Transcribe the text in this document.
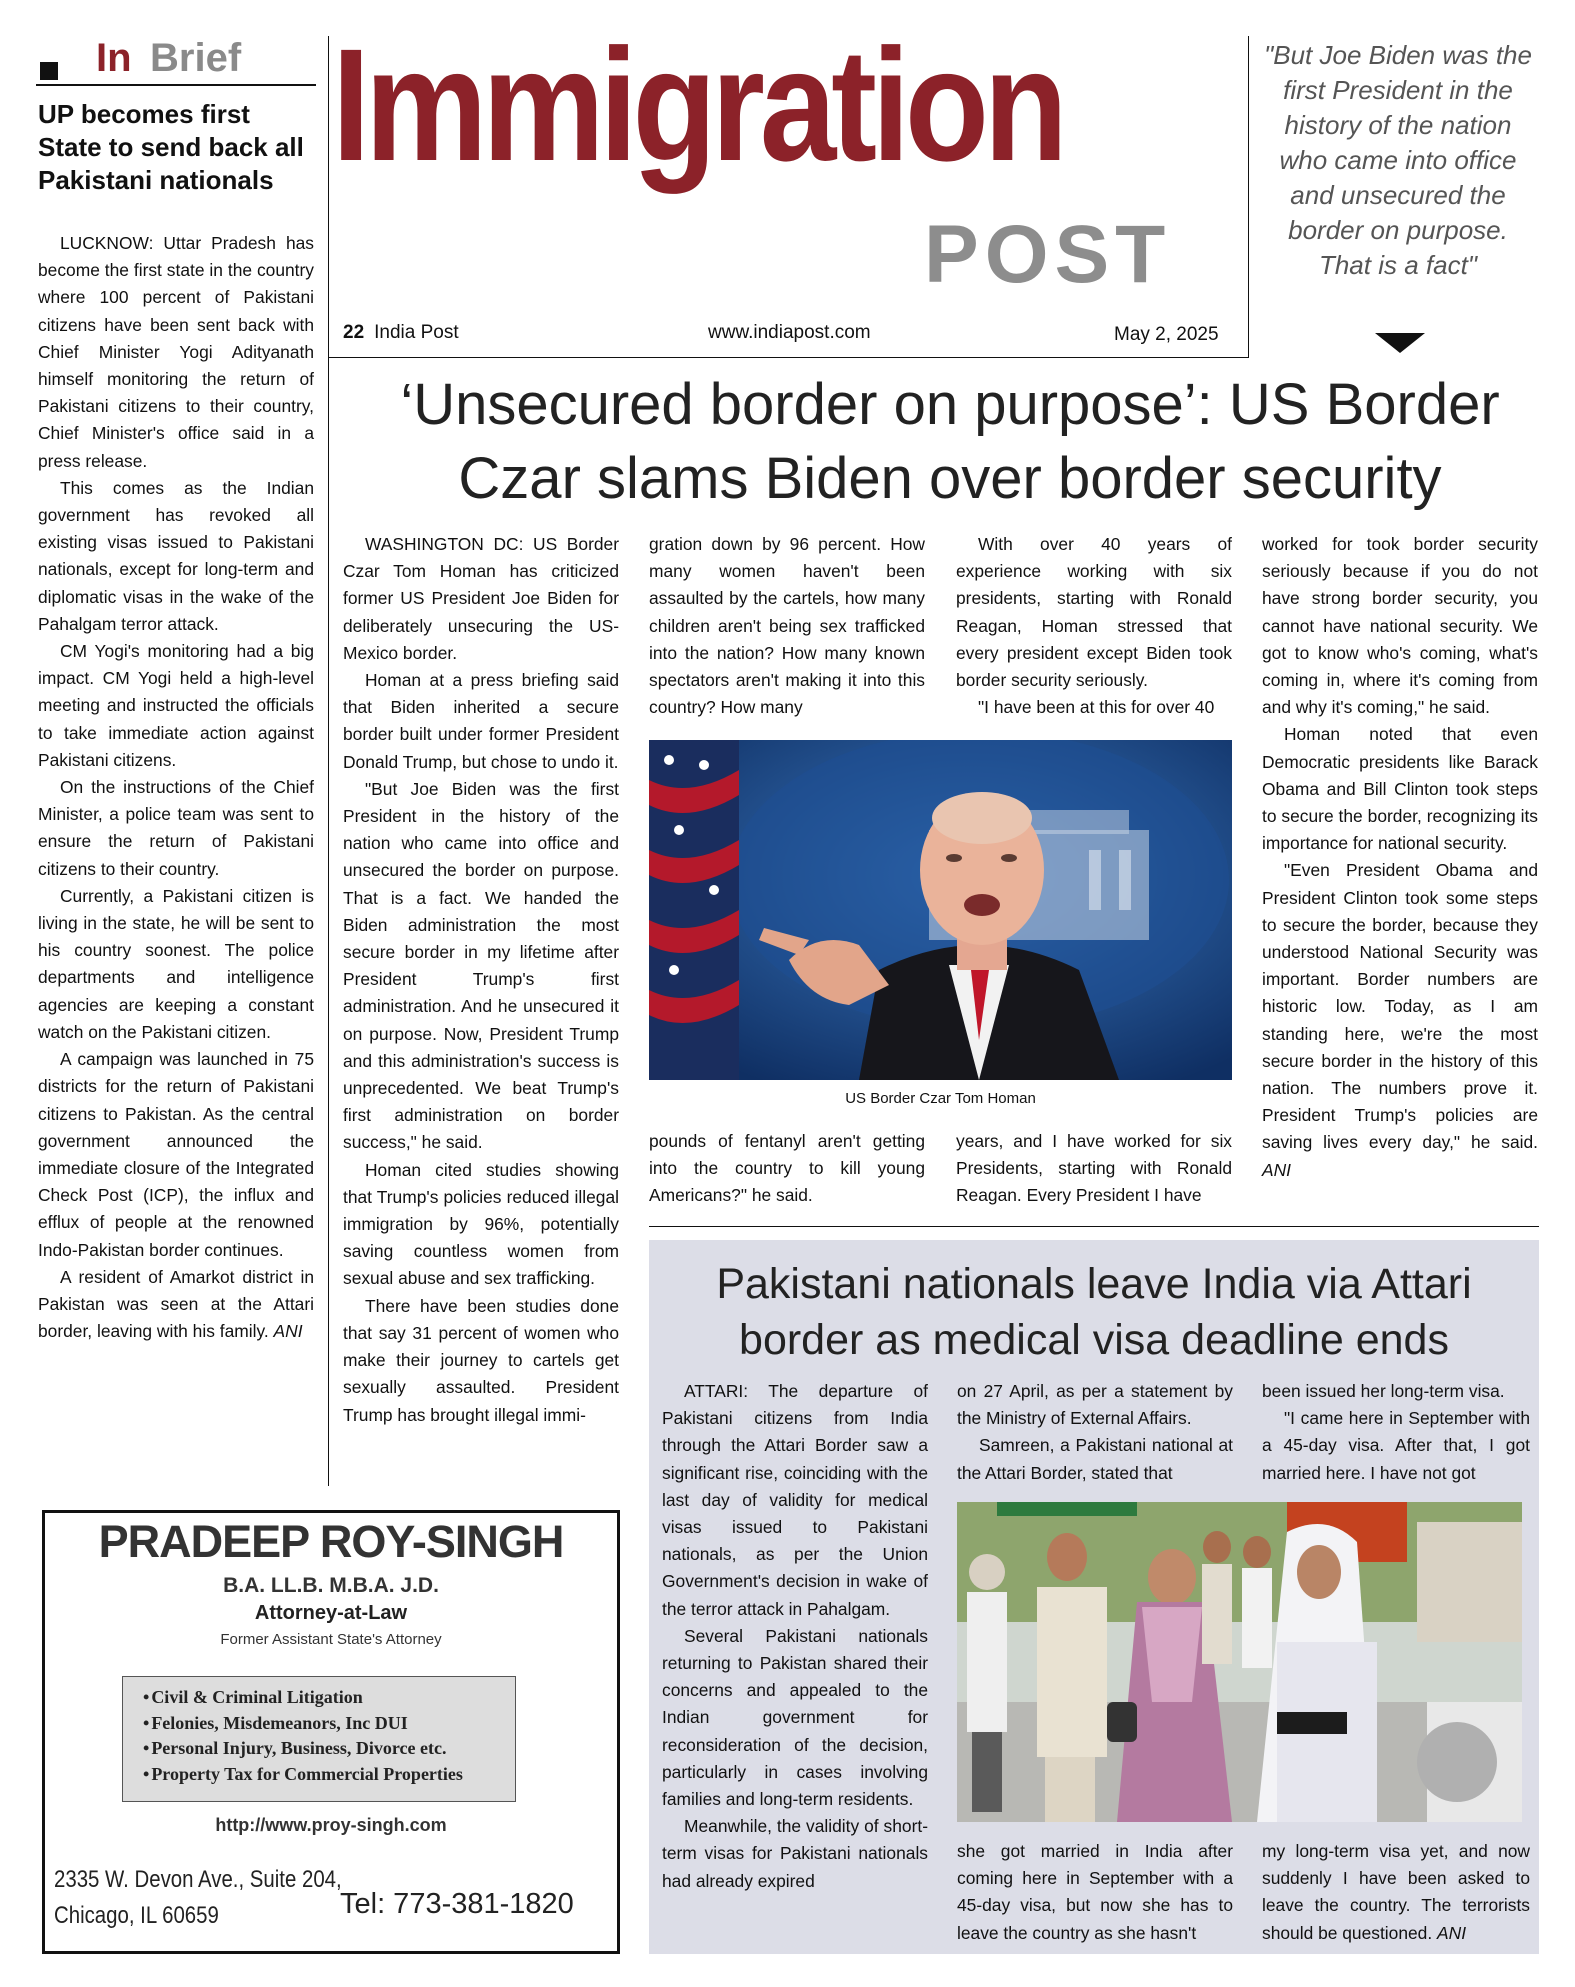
In Brief
UP becomes first State to send back all Pakistani nationals

LUCKNOW: Uttar Pradesh has become the first state in the country where 100 percent of Pakistani citizens have been sent back with Chief Minister Yogi Adityanath himself monitoring the return of Pakistani citizens to their country, Chief Minister's office said in a press release.

This comes as the Indian government has revoked all existing visas issued to Pakistani nationals, except for long-term and diplomatic visas in the wake of the Pahalgam terror attack.

CM Yogi's monitoring had a big impact. CM Yogi held a high-level meeting and instructed the officials to take immediate action against Pakistani citizens.

On the instructions of the Chief Minister, a police team was sent to ensure the return of Pakistani citizens to their country.

Currently, a Pakistani citizen is living in the state, he will be sent to his country soonest. The police departments and intelligence agencies are keeping a constant watch on the Pakistani citizen.

A campaign was launched in 75 districts for the return of Pakistani citizens to Pakistan. As the central government announced the immediate closure of the Integrated Check Post (ICP), the influx and efflux of people at the renowned Indo-Pakistan border continues.

A resident of Amarkot district in Pakistan was seen at the Attari border, leaving with his family. ANI

Immigration
POST
22 India Post	www.indiapost.com	May 2, 2025
"But Joe Biden was the first President in the history of the nation who came into office and unsecured the border on purpose. That is a fact"
‘Unsecured border on purpose’: US Border Czar slams Biden over border security

WASHINGTON DC: US Border Czar Tom Homan has criticized former US President Joe Biden for deliberately unsecuring the US-Mexico border.

Homan at a press briefing said that Biden inherited a secure border built under former President Donald Trump, but chose to undo it.

"But Joe Biden was the first President in the history of the nation who came into office and unsecured the border on purpose. That is a fact. We handed the Biden administration the most secure border in my lifetime after President Trump's first administration. And he unsecured it on purpose. Now, President Trump and this administration's success is unprecedented. We beat Trump's first administration on border success," he said.

Homan cited studies showing that Trump's policies reduced illegal immigration by 96%, potentially saving countless women from sexual abuse and sex trafficking.

There have been studies done that say 31 percent of women who make their journey to cartels get sexually assaulted. President Trump has brought illegal immi-

gration down by 96 percent. How many women haven't been assaulted by the cartels, how many children aren't being sex trafficked into the nation? How many known spectators aren't making it into this country? How many

With over 40 years of experience working with six presidents, starting with Ronald Reagan, Homan stressed that every president except Biden took border security seriously.

"I have been at this for over 40

worked for took border security seriously because if you do not have strong border security, you cannot have national security. We got to know who's coming, what's coming in, where it's coming from and why it's coming," he said.

Homan noted that even Democratic presidents like Barack Obama and Bill Clinton took steps to secure the border, recognizing its importance for national security.

"Even President Obama and President Clinton took some steps to secure the border, because they understood National Security was important. Border numbers are historic low. Today, as I am standing here, we're the most secure border in the history of this nation. The numbers prove it. President Trump's policies are saving lives every day," he said. ANI

US Border Czar Tom Homan

pounds of fentanyl aren't getting into the country to kill young Americans?" he said.

years, and I have worked for six Presidents, starting with Ronald Reagan. Every President I have

Pakistani nationals leave India via Attari border as medical visa deadline ends

ATTARI: The departure of Pakistani citizens from India through the Attari Border saw a significant rise, coinciding with the last day of validity for medical visas issued to Pakistani nationals, as per the Union Government's decision in wake of the terror attack in Pahalgam.

Several Pakistani nationals returning to Pakistan shared their concerns and appealed to the Indian government for reconsideration of the decision, particularly in cases involving families and long-term residents.

Meanwhile, the validity of short-term visas for Pakistani nationals had already expired

on 27 April, as per a statement by the Ministry of External Affairs.

Samreen, a Pakistani national at the Attari Border, stated that

been issued her long-term visa.

"I came here in September with a 45-day visa. After that, I got married here. I have not got

she got married in India after coming here in September with a 45-day visa, but now she has to leave the country as she hasn't

my long-term visa yet, and now suddenly I have been asked to leave the country. The terrorists should be questioned. ANI

PRADEEP ROY-SINGH
B.A. LL.B. M.B.A. J.D.
Attorney-at-Law
Former Assistant State's Attorney
• Civil & Criminal Litigation
• Felonies, Misdemeanors, Inc DUI
• Personal Injury, Business, Divorce etc.
• Property Tax for Commercial Properties
http://www.proy-singh.com
2335 W. Devon Ave., Suite 204,
Chicago, IL 60659	Tel: 773-381-1820
